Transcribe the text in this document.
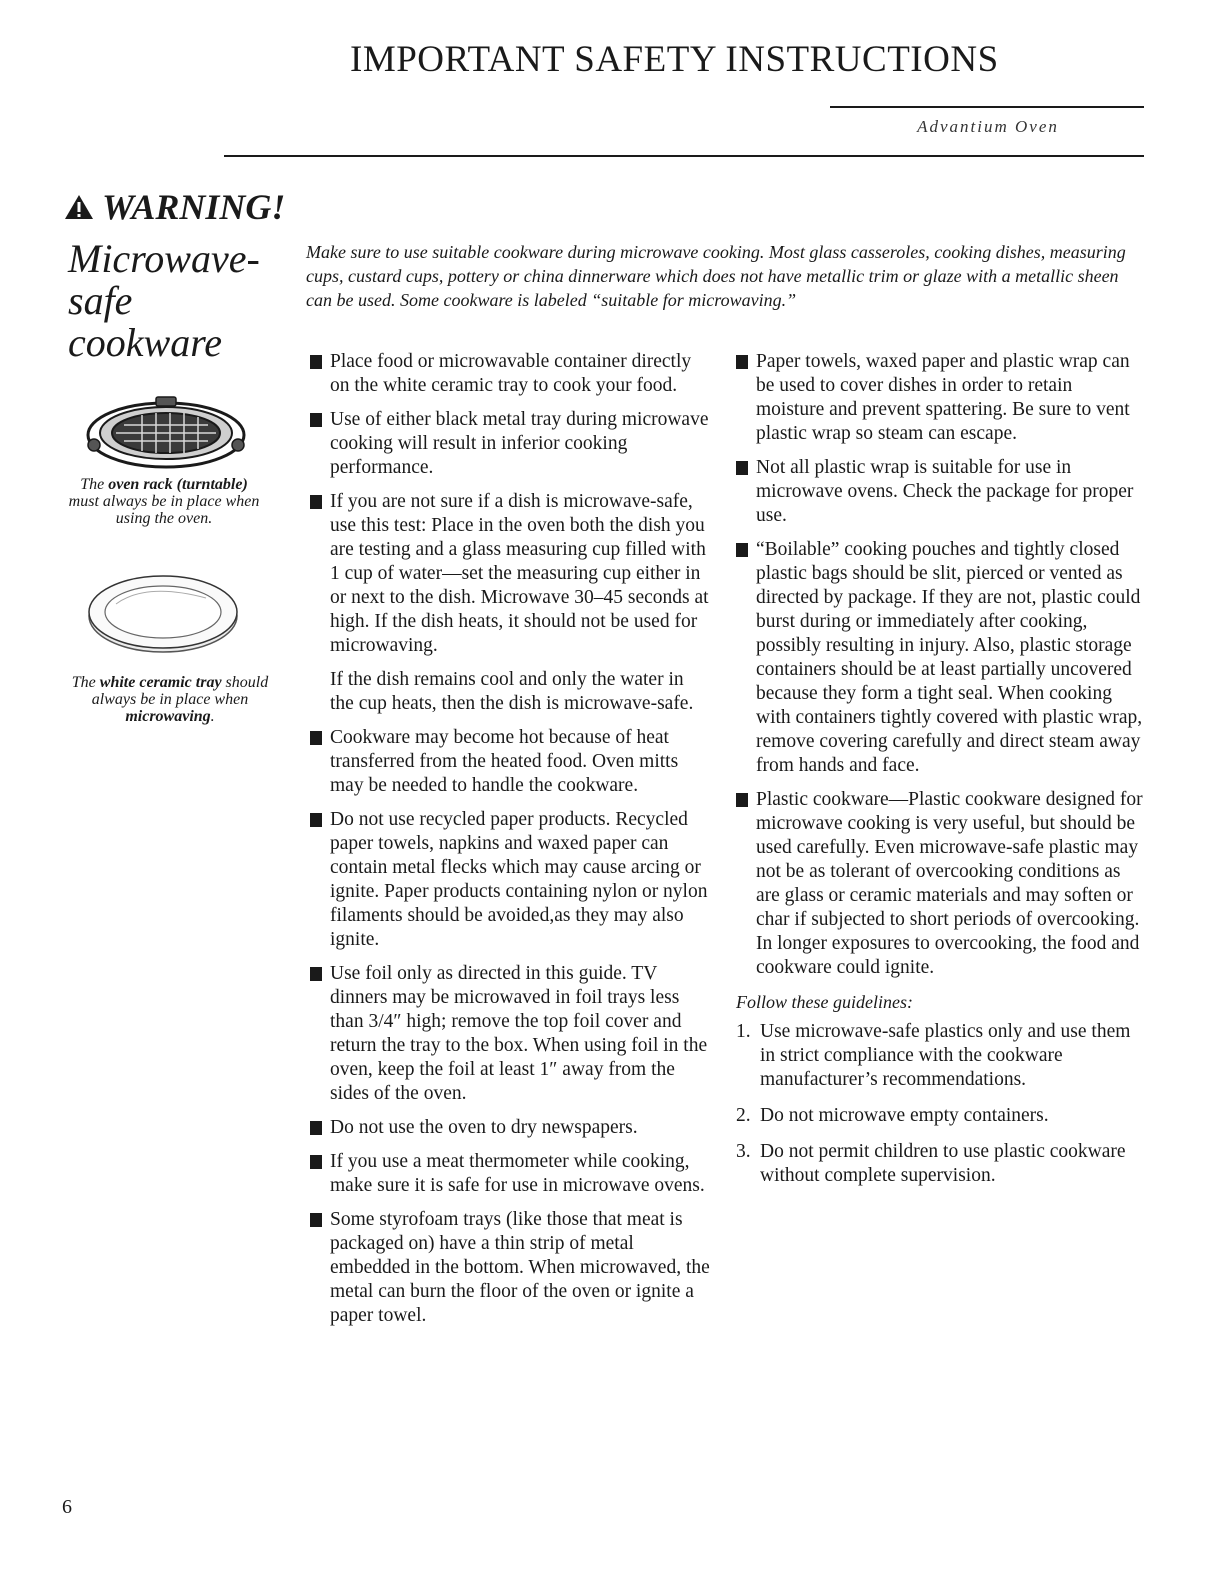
IMPORTANT SAFETY INSTRUCTIONS
Advantium Oven
WARNING!
Microwave-
safe
cookware
The oven rack (turntable) must always be in place when using the oven.
The white ceramic tray should always be in place when microwaving.
Make sure to use suitable cookware during microwave cooking. Most glass casseroles, cooking dishes, measuring cups, custard cups, pottery or china dinnerware which does not have metallic trim or glaze with a metallic sheen can be used. Some cookware is labeled “suitable for microwaving.”
Place food or microwavable container directly on the white ceramic tray to cook your food.
Use of either black metal tray during microwave cooking will result in inferior cooking performance.
If you are not sure if a dish is microwave-safe, use this test: Place in the oven both the dish you are testing and a glass measuring cup filled with 1 cup of water—set the measuring cup either in or next to the dish. Microwave 30–45 seconds at high. If the dish heats, it should not be used for microwaving.
If the dish remains cool and only the water in the cup heats, then the dish is microwave-safe.
Cookware may become hot because of heat transferred from the heated food. Oven mitts may be needed to handle the cookware.
Do not use recycled paper products. Recycled paper towels, napkins and waxed paper can contain metal flecks which may cause arcing or ignite. Paper products containing nylon or nylon filaments should be avoided,as they may also ignite.
Use foil only as directed in this guide. TV dinners may be microwaved in foil trays less than 3/4″ high; remove the top foil cover and return the tray to the box. When using foil in the oven, keep the foil at least 1″ away from the sides of the oven.
Do not use the oven to dry newspapers.
If you use a meat thermometer while cooking, make sure it is safe for use in microwave ovens.
Some styrofoam trays (like those that meat is packaged on) have a thin strip of metal embedded in the bottom. When microwaved, the metal can burn the floor of the oven or ignite a paper towel.
Paper towels, waxed paper and plastic wrap can be used to cover dishes in order to retain moisture and prevent spattering. Be sure to vent plastic wrap so steam can escape.
Not all plastic wrap is suitable for use in microwave ovens. Check the package for proper use.
“Boilable” cooking pouches and tightly closed plastic bags should be slit, pierced or vented as directed by package. If they are not, plastic could burst during or immediately after cooking, possibly resulting in injury. Also, plastic storage containers should be at least partially uncovered because they form a tight seal. When cooking with containers tightly covered with plastic wrap, remove covering carefully and direct steam away from hands and face.
Plastic cookware—Plastic cookware designed for microwave cooking is very useful, but should be used carefully. Even microwave-safe plastic may not be as tolerant of overcooking conditions as are glass or ceramic materials and may soften or char if subjected to short periods of overcooking. In longer exposures to overcooking, the food and cookware could ignite.
Follow these guidelines:
1. Use microwave-safe plastics only and use them in strict compliance with the cookware manufacturer’s recommendations.
2. Do not microwave empty containers.
3. Do not permit children to use plastic cookware without complete supervision.
6
